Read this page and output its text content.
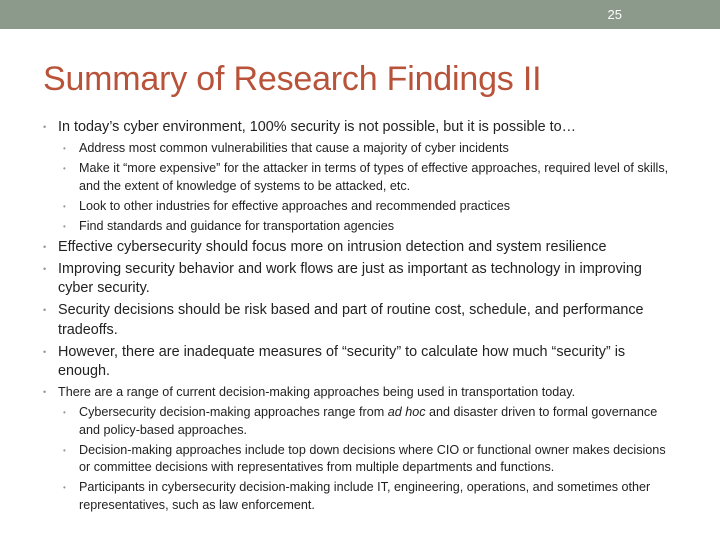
25
Summary of Research Findings II
• In today’s cyber environment, 100% security is not possible, but it is possible to…
• Address most common vulnerabilities that cause a majority of cyber incidents
• Make it “more expensive” for the attacker in terms of types of effective approaches, required level of skills, and the extent of knowledge of systems to be attacked, etc.
• Look to other industries for effective approaches and recommended practices
• Find standards and guidance for transportation agencies
• Effective cybersecurity should focus more on intrusion detection and system resilience
• Improving security behavior and work flows are just as important as technology in improving cyber security.
• Security decisions should be risk based and part of routine cost, schedule, and performance tradeoffs.
• However, there are inadequate measures of “security” to calculate how much “security” is enough.
• There are a range of current decision-making approaches being used in transportation today.
• Cybersecurity decision-making approaches range from ad hoc and disaster driven to formal governance and policy-based approaches.
• Decision-making approaches include top down decisions where CIO or functional owner makes decisions or committee decisions with representatives from multiple departments and functions.
• Participants in cybersecurity decision-making include IT, engineering, operations, and sometimes other representatives, such as law enforcement.
